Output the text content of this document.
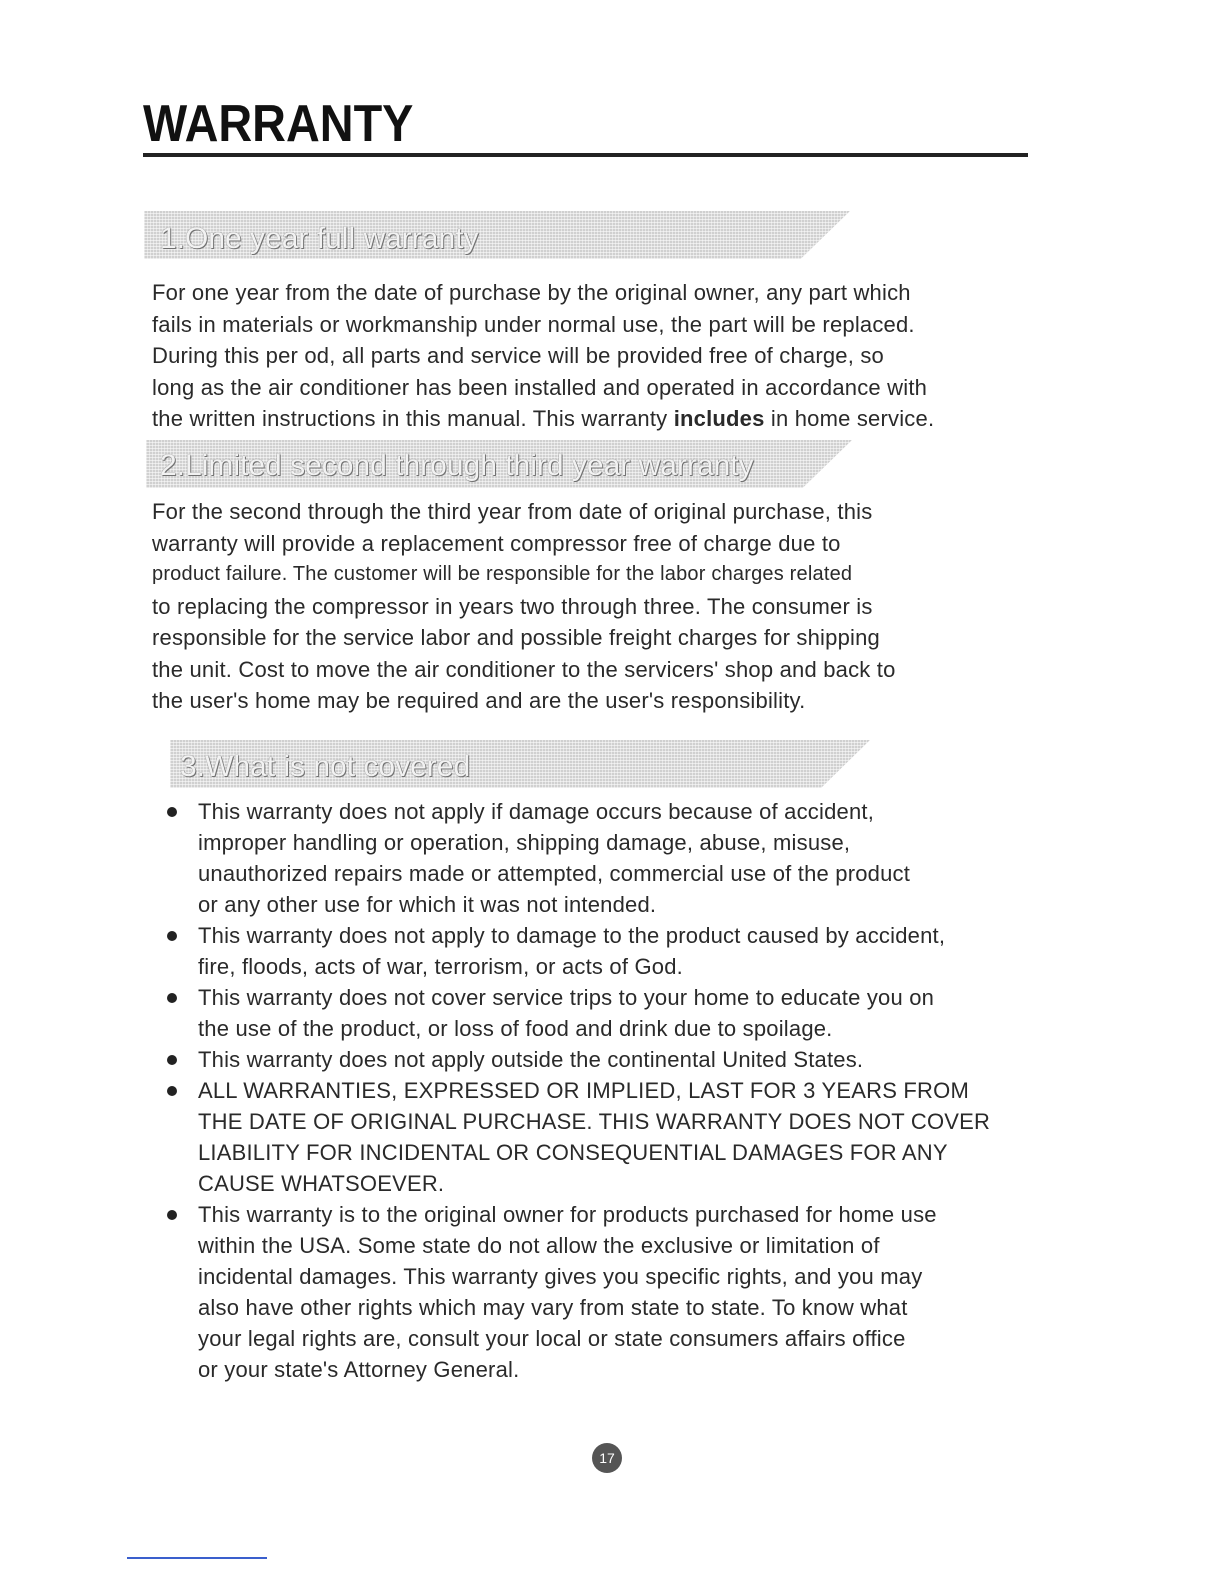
WARRANTY
1.One year full warranty

For one year from the date of purchase by the original owner, any part which

fails in materials or workmanship under normal use, the part will be replaced.

During this per od, all parts and service will be provided free of charge, so

long as the air conditioner has been installed and operated in accordance with

the written instructions in this manual. This warranty includes in home service.

2.Limited second through third year warranty

For the second through the third year from date of original purchase, this

warranty will provide a replacement compressor free of charge due to

product failure. The customer will be responsible for the labor charges related

to replacing the compressor in years two through three. The consumer is

responsible for the service labor and possible freight charges for shipping

the unit. Cost to move the air conditioner to the servicers' shop and back to

the user's home may be required and are the user's responsibility.

3.What is not covered

This warranty does not apply if damage occurs because of accident,

improper handling or operation, shipping damage, abuse, misuse,

unauthorized repairs made or attempted, commercial use of the product

or any other use for which it was not intended.

This warranty does not apply to damage to the product caused by accident,

fire, floods, acts of war, terrorism, or acts of God.

This warranty does not cover service trips to your home to educate you on

the use of the product, or loss of food and drink due to spoilage.

This warranty does not apply outside the continental United States.

ALL WARRANTIES, EXPRESSED OR IMPLIED, LAST FOR 3 YEARS FROM

THE DATE OF ORIGINAL PURCHASE. THIS WARRANTY DOES NOT COVER

LIABILITY FOR INCIDENTAL OR CONSEQUENTIAL DAMAGES FOR ANY

CAUSE WHATSOEVER.

This warranty is to the original owner for products purchased for home use

within the USA. Some state do not allow the exclusive or limitation of

incidental damages. This warranty gives you specific rights, and you may

also have other rights which may vary from state to state. To know what

your legal rights are, consult your local or state consumers affairs office

or your state's Attorney General.

17
